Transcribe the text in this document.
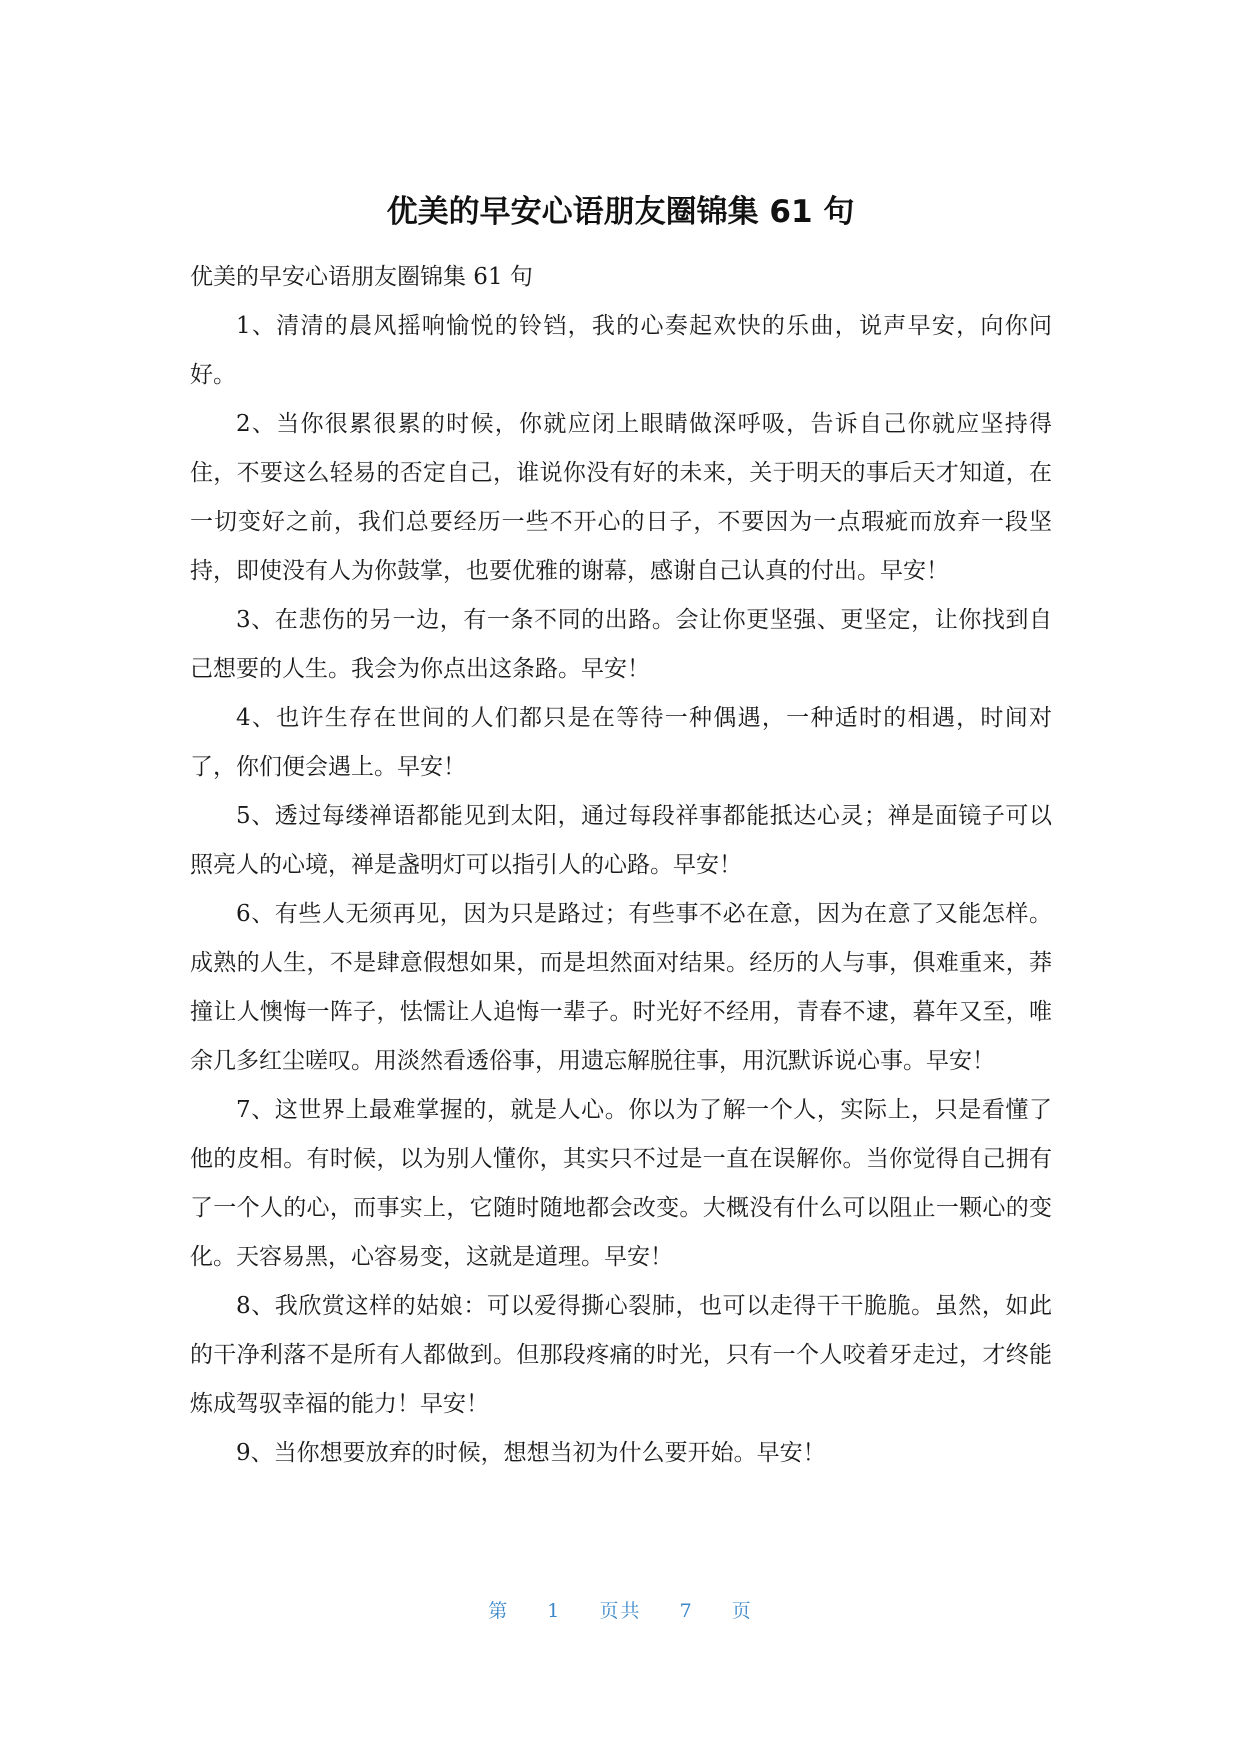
优美的早安心语朋友圈锦集 61 句

优美的早安心语朋友圈锦集 61 句

1、清清的晨风摇响愉悦的铃铛，我的心奏起欢快的乐曲，说声早安，向你问好。

2、当你很累很累的时候，你就应闭上眼睛做深呼吸，告诉自己你就应坚持得住，不要这么轻易的否定自己，谁说你没有好的未来，关于明天的事后天才知道，在一切变好之前，我们总要经历一些不开心的日子，不要因为一点瑕疵而放弃一段坚持，即使没有人为你鼓掌，也要优雅的谢幕，感谢自己认真的付出。早安！

3、在悲伤的另一边，有一条不同的出路。会让你更坚强、更坚定，让你找到自己想要的人生。我会为你点出这条路。早安！

4、也许生存在世间的人们都只是在等待一种偶遇，一种适时的相遇，时间对了，你们便会遇上。早安！

5、透过每缕禅语都能见到太阳，通过每段祥事都能抵达心灵；禅是面镜子可以照亮人的心境，禅是盏明灯可以指引人的心路。早安！

6、有些人无须再见，因为只是路过；有些事不必在意，因为在意了又能怎样。成熟的人生，不是肆意假想如果，而是坦然面对结果。经历的人与事，俱难重来，莽撞让人懊悔一阵子，怯懦让人追悔一辈子。时光好不经用，青春不逮，暮年又至，唯余几多红尘嗟叹。用淡然看透俗事，用遗忘解脱往事，用沉默诉说心事。早安！

7、这世界上最难掌握的，就是人心。你以为了解一个人，实际上，只是看懂了他的皮相。有时候，以为别人懂你，其实只不过是一直在误解你。当你觉得自己拥有了一个人的心，而事实上，它随时随地都会改变。大概没有什么可以阻止一颗心的变化。天容易黑，心容易变，这就是道理。早安！

8、我欣赏这样的姑娘：可以爱得撕心裂肺，也可以走得干干脆脆。虽然，如此的干净利落不是所有人都做到。但那段疼痛的时光，只有一个人咬着牙走过，才终能炼成驾驭幸福的能力！早安！

9、当你想要放弃的时候，想想当初为什么要开始。早安！

第 1 页共 7 页
